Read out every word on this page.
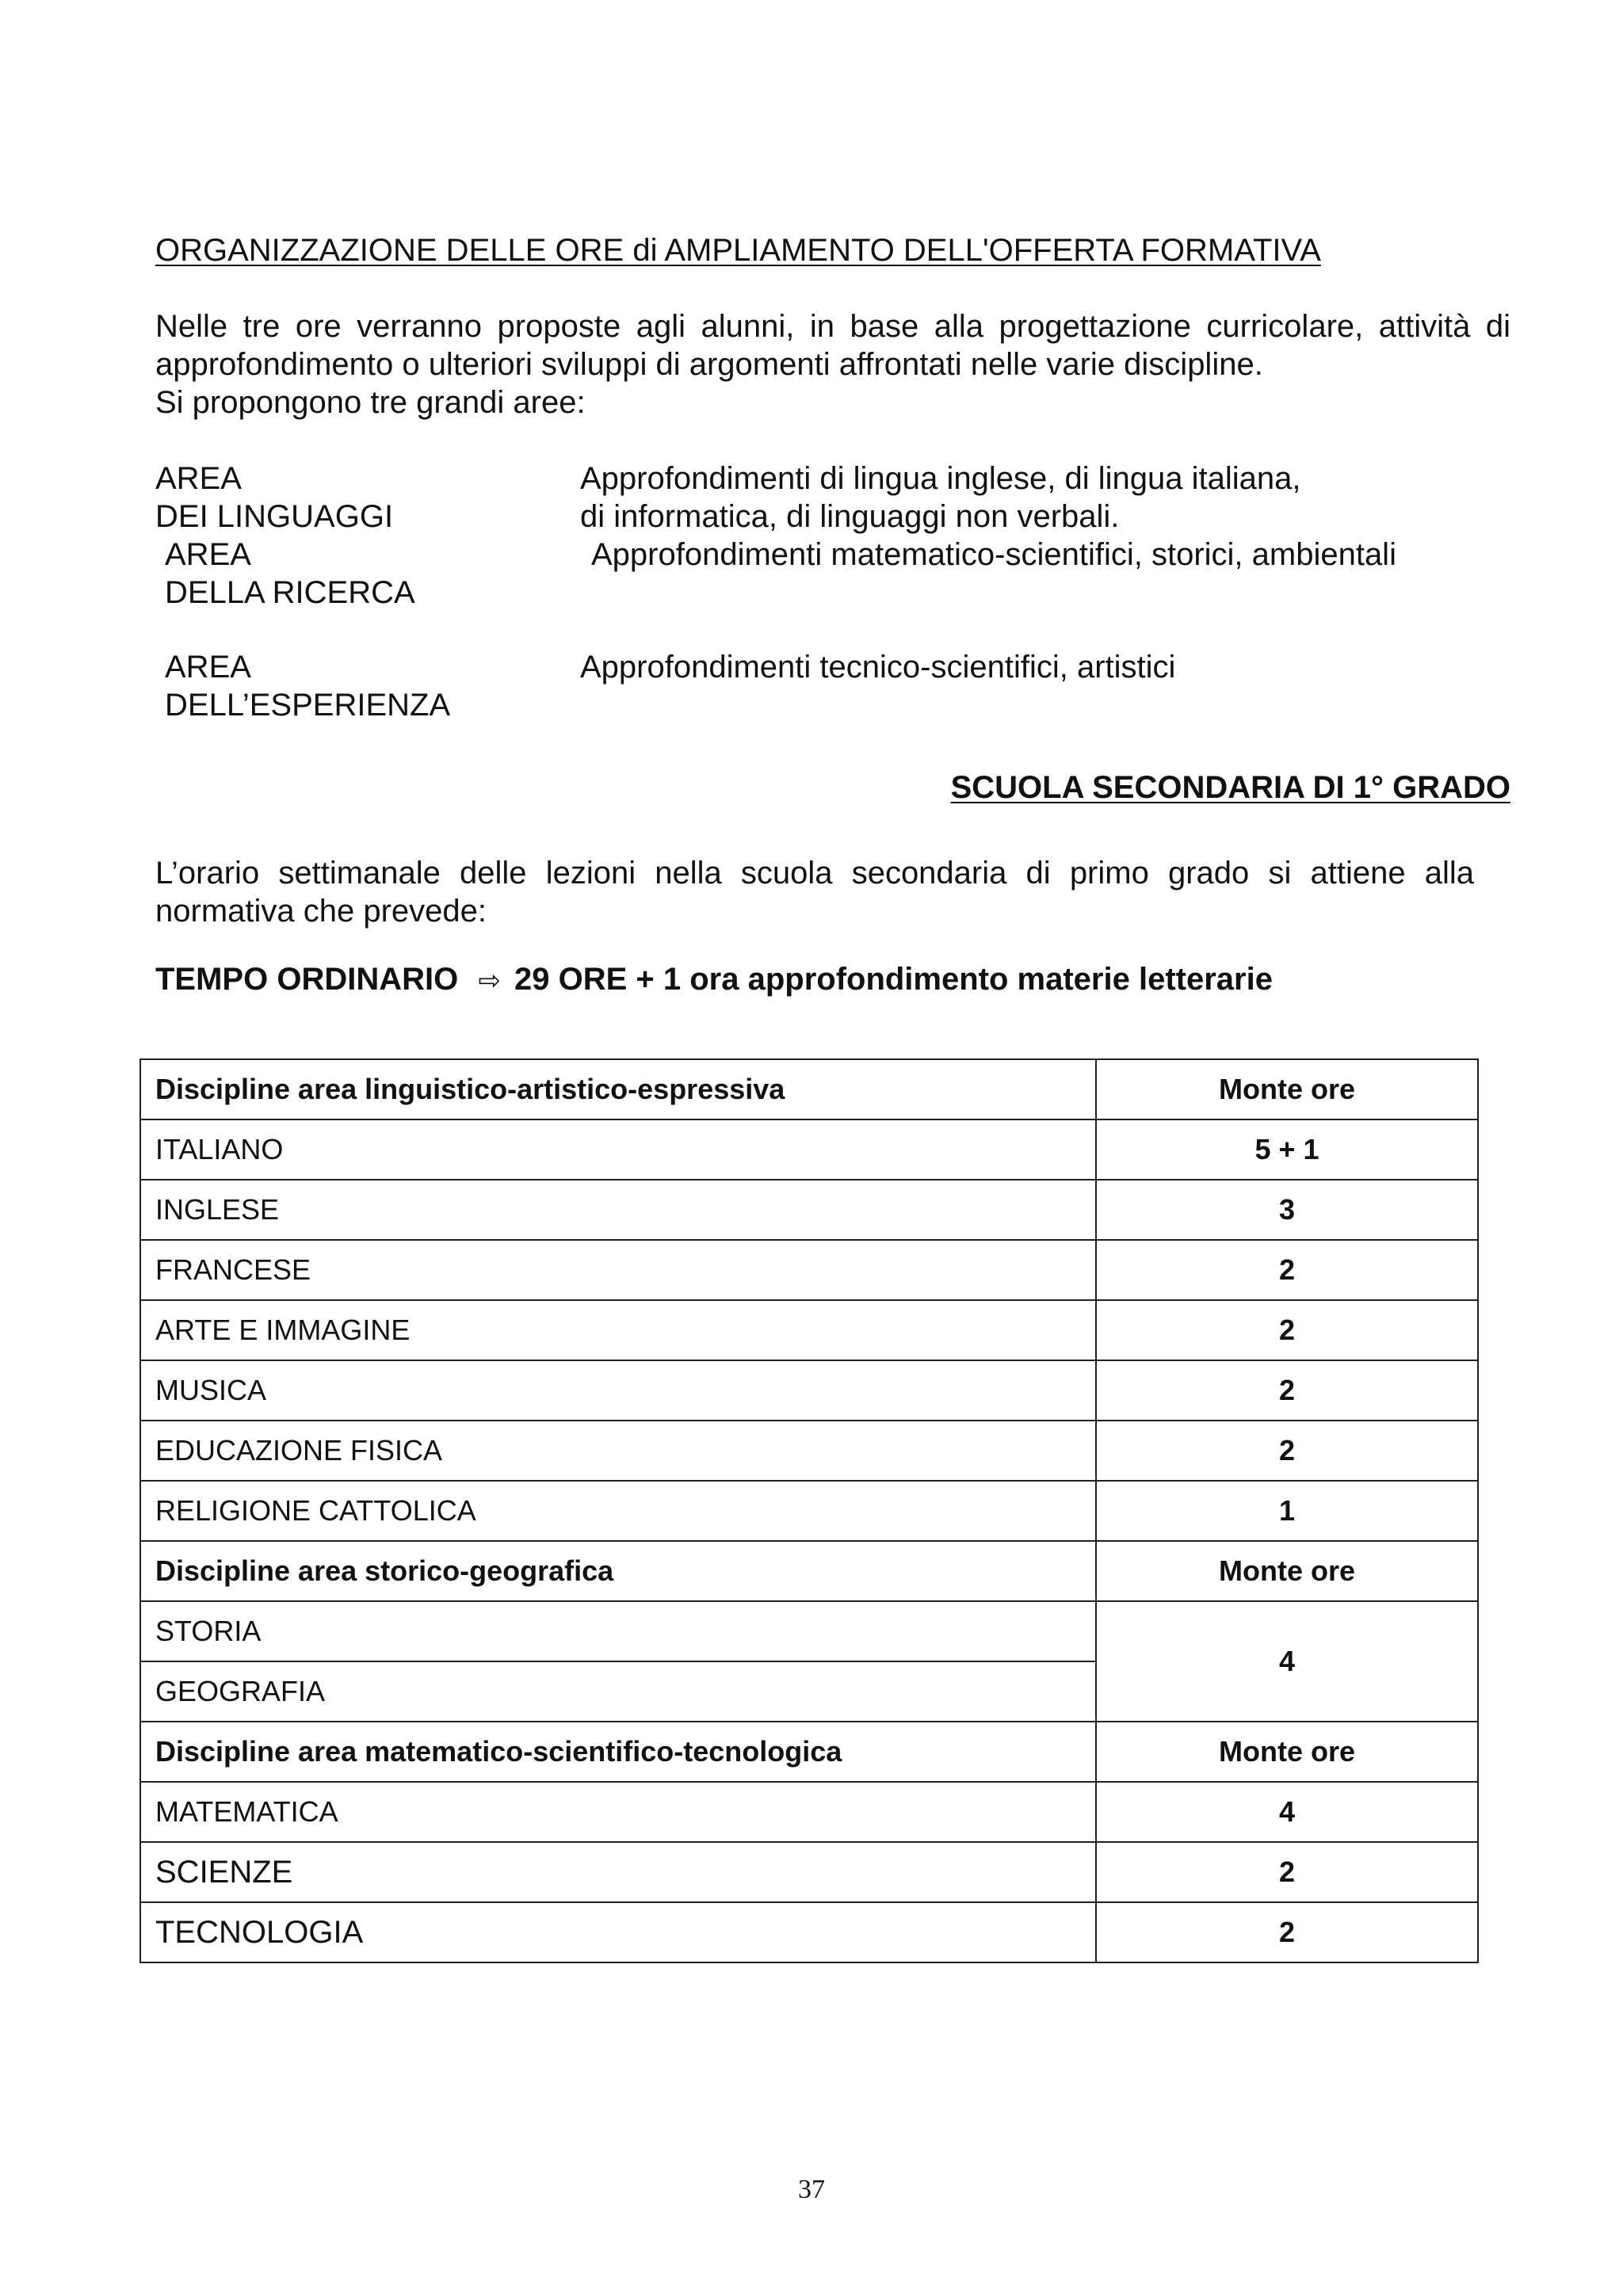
ORGANIZZAZIONE DELLE ORE di AMPLIAMENTO DELL'OFFERTA FORMATIVA
Nelle tre ore verranno proposte agli alunni, in base alla progettazione curricolare, attività di
approfondimento o ulteriori sviluppi di argomenti affrontati nelle varie discipline.
Si propongono tre grandi aree:
AREA
DEI LINGUAGGI
Approfondimenti di lingua inglese, di lingua italiana,
di informatica, di linguaggi non verbali.
AREA
DELLA RICERCA
Approfondimenti matematico-scientifici, storici, ambientali
AREA
DELL’ESPERIENZA
Approfondimenti tecnico-scientifici, artistici
SCUOLA SECONDARIA DI 1° GRADO
L’orario settimanale delle lezioni nella scuola secondaria di primo grado si attiene alla
normativa che prevede:
TEMPO ORDINARIO ⇨ 29 ORE + 1 ora approfondimento materie letterarie
Discipline area linguistico-artistico-espressiva	Monte ore
ITALIANO	5 + 1
INGLESE	3
FRANCESE	2
ARTE E IMMAGINE	2
MUSICA	2
EDUCAZIONE FISICA	2
RELIGIONE CATTOLICA	1
Discipline area storico-geografica	Monte ore
STORIA	4
GEOGRAFIA	
Discipline area matematico-scientifico-tecnologica	Monte ore
MATEMATICA	4
SCIENZE	2
TECNOLOGIA	2
37
